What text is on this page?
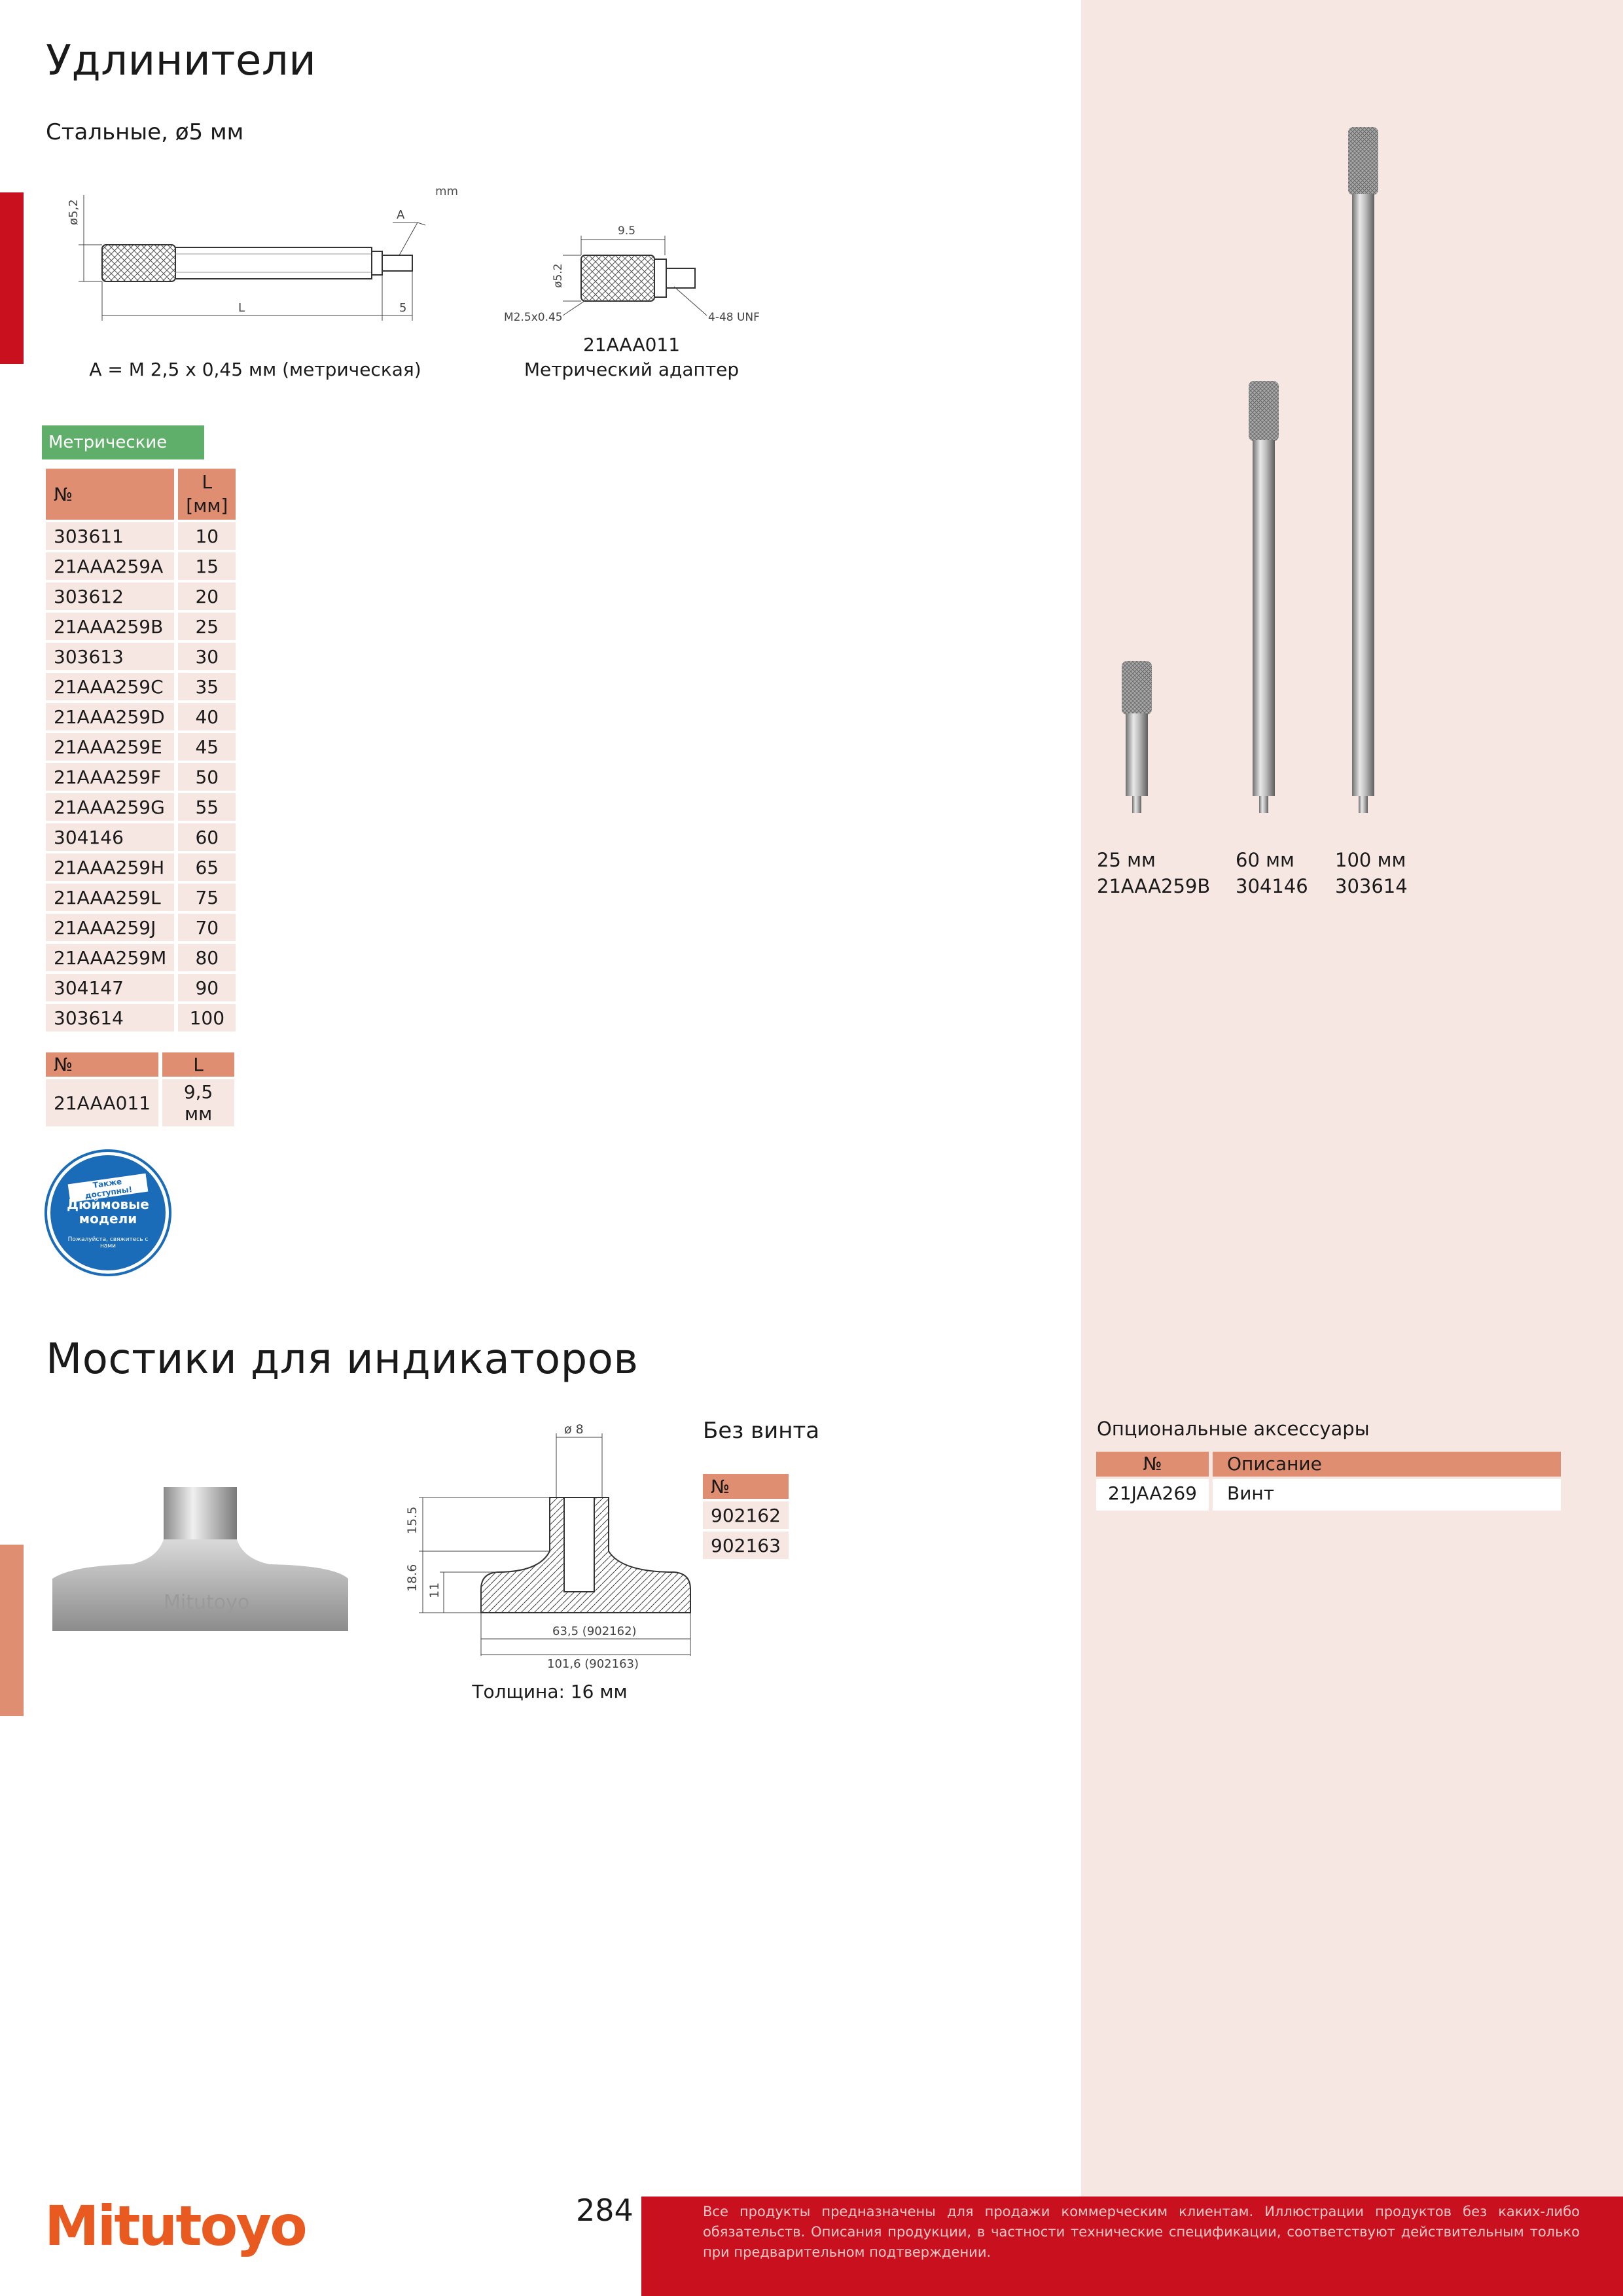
Удлинители
Стальные, ø5 мм
mm
ø5,2	A
L	5
A = M 2,5 x 0,45 мм (метрическая)
9.5
ø5.2
M2.5x0.45	4-48 UNF
21AAA011
Метрический адаптер
Метрические
№	L
[мм]

303611	10
21AAA259A	15
303612	20
21AAA259B	25
303613	30
21AAA259C	35
21AAA259D	40
21AAA259E	45
21AAA259F	50
21AAA259G	55
304146	60
21AAA259H	65
21AAA259L	75
21AAA259J	70
21AAA259M	80
304147	90
303614	100
№	L
21AAA011	9,5 мм
Также доступны!
Дюймовые модели
Пожалуйста, свяжитесь с нами
25 мм
21AAA259B
60 мм
304146
100 мм
303614
Мостики для индикаторов
Mitutoyo
ø 8
15.5
18.6 11
63,5 (902162)
101,6 (902163)
Толщина: 16 мм
Без винта
№
902162
902163
Опциональные аксессуары
№	Описание
21JAA269	Винт
Все продукты предназначены для продажи коммерческим клиентам. Иллюстрации продуктов без каких-либо обязательств. Описания продукции, в частности технические спецификации, соответствуют действительным только при предварительном подтверждении.
284
Mitutoyo
